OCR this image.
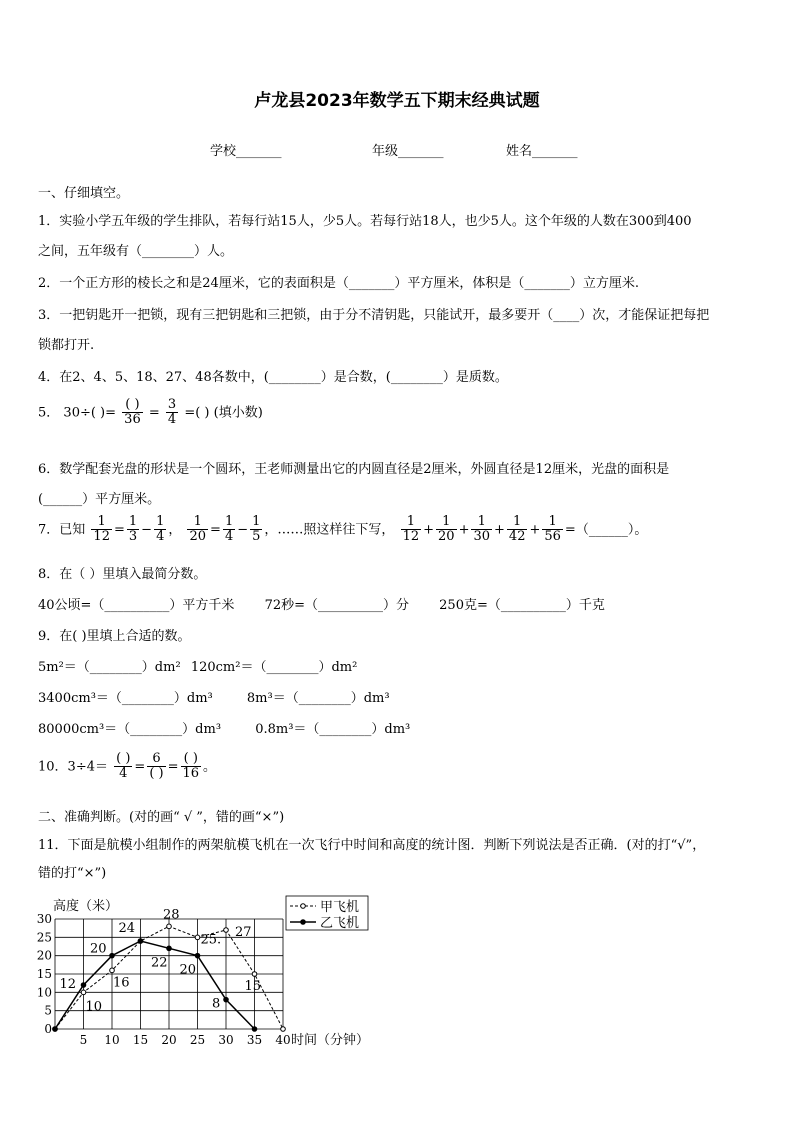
卢龙县2023年数学五下期末经典试题
学校_______	年级_______	姓名_______
一、仔细填空。
1．实验小学五年级的学生排队，若每行站15人，少5人。若每行站18人，也少5人。这个年级的人数在300到400
之间，五年级有（________）人。
2．一个正方形的棱长之和是24厘米，它的表面积是（_______）平方厘米，体积是（_______）立方厘米.
3．一把钥匙开一把锁，现有三把钥匙和三把锁，由于分不清钥匙，只能试开，最多要开（____）次，才能保证把每把
锁都打开.
4．在2、4、5、18、27、48各数中，(________）是合数，(________）是质数。
5． 30÷( )= $\frac{( )}{36} = \frac{3}{4}$ =( ) (填小数)
6．数学配套光盘的形状是一个圆环，王老师测量出它的内圆直径是2厘米，外圆直径是12厘米，光盘的面积是
(______）平方厘米。
7．已知 $\frac{1}{12} = \frac{1}{3} - \frac{1}{4}$ ， $\frac{1}{20} = \frac{1}{4} - \frac{1}{5}$ ，……照这样往下写， $\frac{1}{12} + \frac{1}{20} + \frac{1}{30} + \frac{1}{42} + \frac{1}{56}$ =（______）。
8．在（ ）里填入最简分数。
40公顷=（__________）平方千米 72秒=（__________）分 250克=（__________）千克
9．在( )里填上合适的数。
5m²＝（________）dm² 120cm²＝（________）dm²
3400cm³＝（________）dm³	8m³＝（________）dm³
80000cm³＝（________）dm³	0.8m³＝（________）dm³
10．$3\div 4= \frac{( )}{4} = \frac{6}{( )} = \frac{( )}{16}$ 。
二、准确判断。(对的画“ √ ”，错的画“×”)
11．下面是航模小组制作的两架航模飞机在一次飞行中时间和高度的统计图．判断下列说法是否正确．(对的打“√”，
错的打“×”)
0
5
10
15
20
25
30
5 10 15 20 25 30 35 40
高度（米）
时间（分钟）
10
16
28
25. 27
15
12
20
24
22 20
8
甲飞机
乙飞机
